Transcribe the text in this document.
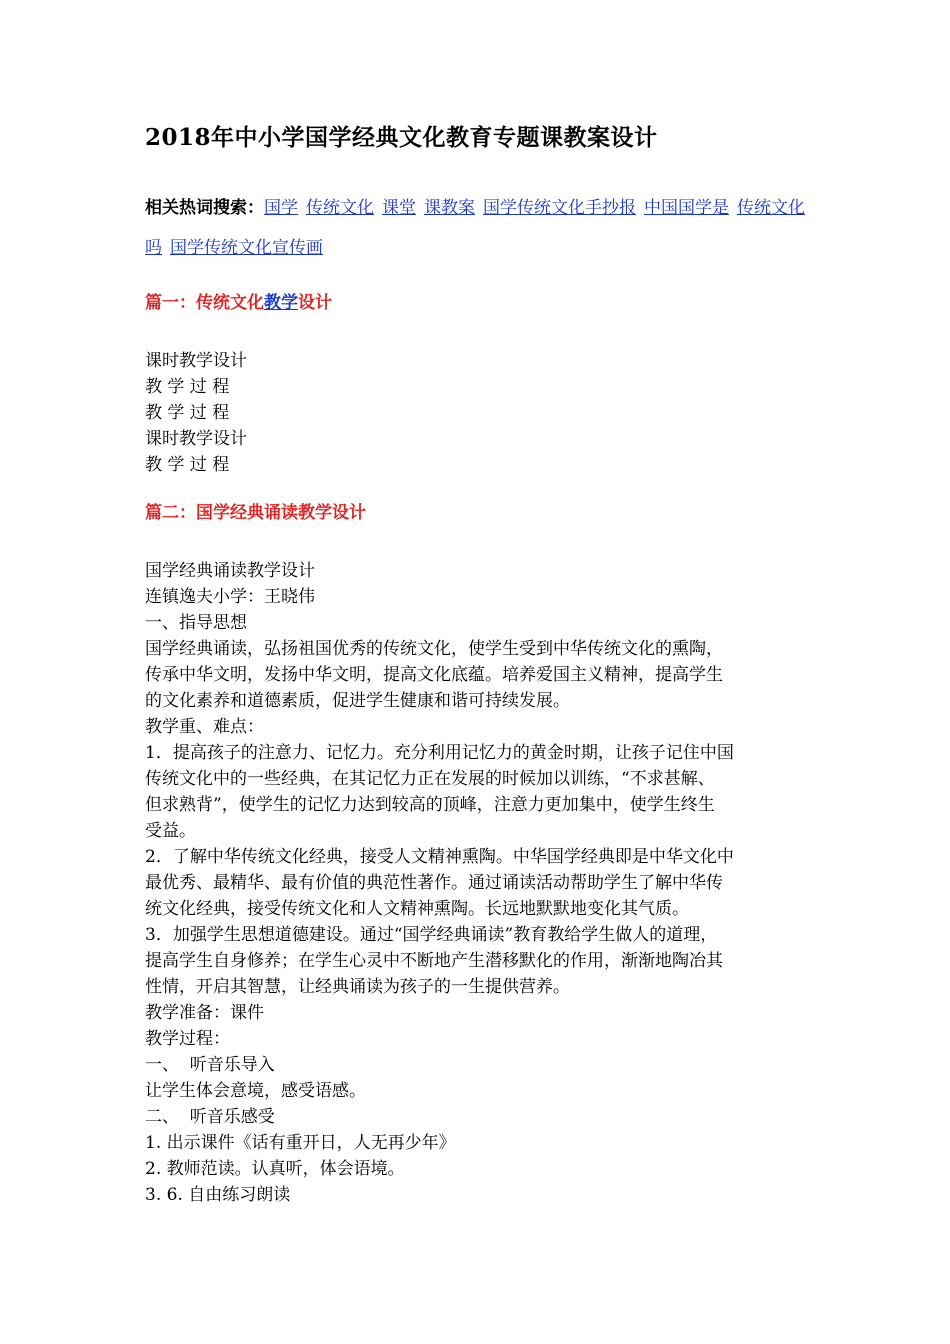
2018年中小学国学经典文化教育专题课教案设计
相关热词搜索：国学 传统文化 课堂 课教案 国学传统文化手抄报 中国国学是 传统文化吗 国学传统文化宣传画
篇一：传统文化教学设计
课时教学设计
教 学 过 程
教 学 过 程
课时教学设计
教 学 过 程
篇二：国学经典诵读教学设计
国学经典诵读教学设计
连镇逸夫小学：王晓伟
一、指导思想
国学经典诵读，弘扬祖国优秀的传统文化，使学生受到中华传统文化的熏陶，
传承中华文明，发扬中华文明，提高文化底蕴。培养爱国主义精神，提高学生
的文化素养和道德素质，促进学生健康和谐可持续发展。
教学重、难点：
1．提高孩子的注意力、记忆力。充分利用记忆力的黄金时期，让孩子记住中国
传统文化中的一些经典，在其记忆力正在发展的时候加以训练，“不求甚解、
但求熟背”，使学生的记忆力达到较高的顶峰，注意力更加集中，使学生终生
受益。
2．了解中华传统文化经典，接受人文精神熏陶。中华国学经典即是中华文化中
最优秀、最精华、最有价值的典范性著作。通过诵读活动帮助学生了解中华传
统文化经典，接受传统文化和人文精神熏陶。长远地默默地变化其气质。
3．加强学生思想道德建设。通过“国学经典诵读”教育教给学生做人的道理，
提高学生自身修养；在学生心灵中不断地产生潜移默化的作用，渐渐地陶冶其
性情，开启其智慧，让经典诵读为孩子的一生提供营养。
教学准备：课件
教学过程：
一、  听音乐导入
让学生体会意境，感受语感。
二、  听音乐感受
1. 出示课件《话有重开日，人无再少年》
2. 教师范读。认真听，体会语境。
3. 6. 自由练习朗读
